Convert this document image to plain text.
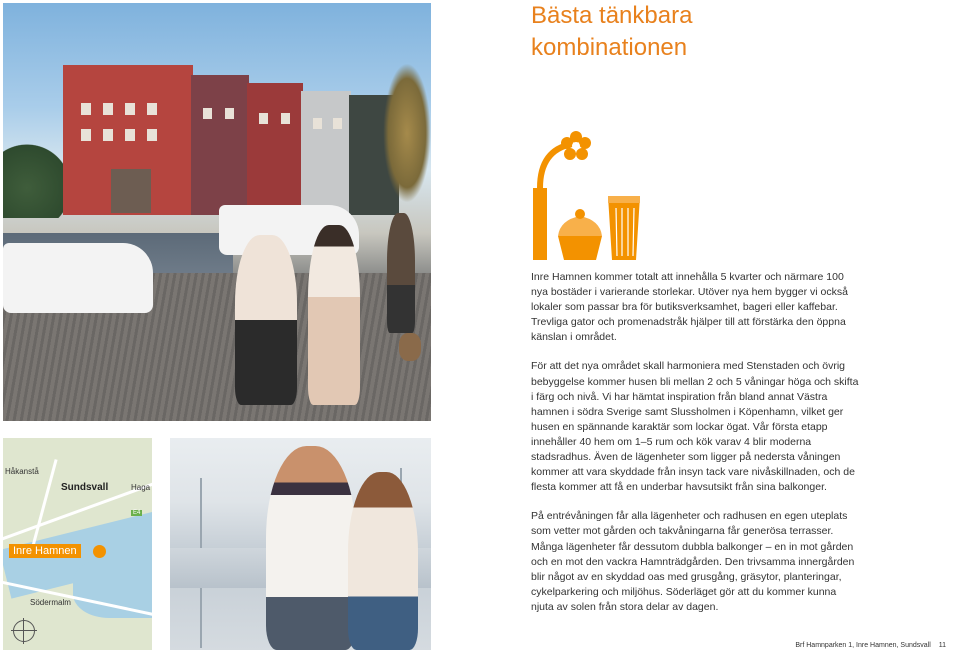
Bästa tänkbara
kombinationen

Inre Hamnen kommer totalt att innehålla 5 kvarter och närmare 100 nya bostäder i varierande storlekar. Utöver nya hem bygger vi också lokaler som passar bra för butiksverksamhet, bageri eller kaffebar. Trevliga gator och promenadstråk hjälper till att förstärka den öppna känslan i området.

För att det nya området skall harmoniera med Stenstaden och övrig bebyggelse kommer husen bli mellan 2 och 5 våningar höga och skifta i färg och nivå. Vi har hämtat inspiration från bland annat Västra hamnen i södra Sverige samt Slussholmen i Köpenhamn, vilket ger husen en spännande karaktär som lockar ögat. Vår första etapp innehåller 40 hem om 1–5 rum och kök varav 4 blir moderna stadsradhus. Även de lägenheter som ligger på nedersta våningen kommer att vara skyddade från insyn tack vare nivåskillnaden, och de flesta kommer att få en underbar havsutsikt från sina balkonger.

På entrévåningen får alla lägenheter och radhusen en egen uteplats som vetter mot gården och takvåningarna får generösa terrasser. Många lägenheter får dessutom dubbla balkonger – en in mot gården och en mot den vackra Hamnträdgården. Den trivsamma innergården blir något av en skyddad oas med grusgång, gräsytor, planteringar, cykelparkering och miljöhus. Söderläget gör att du kommer kunna njuta av solen från stora delar av dagen.

Håkanstå
Sundsvall	Haga
E4
Inre Hamnen
Södermalm
Brf Hamnparken 1, Inre Hamnen, Sundsvall 11
